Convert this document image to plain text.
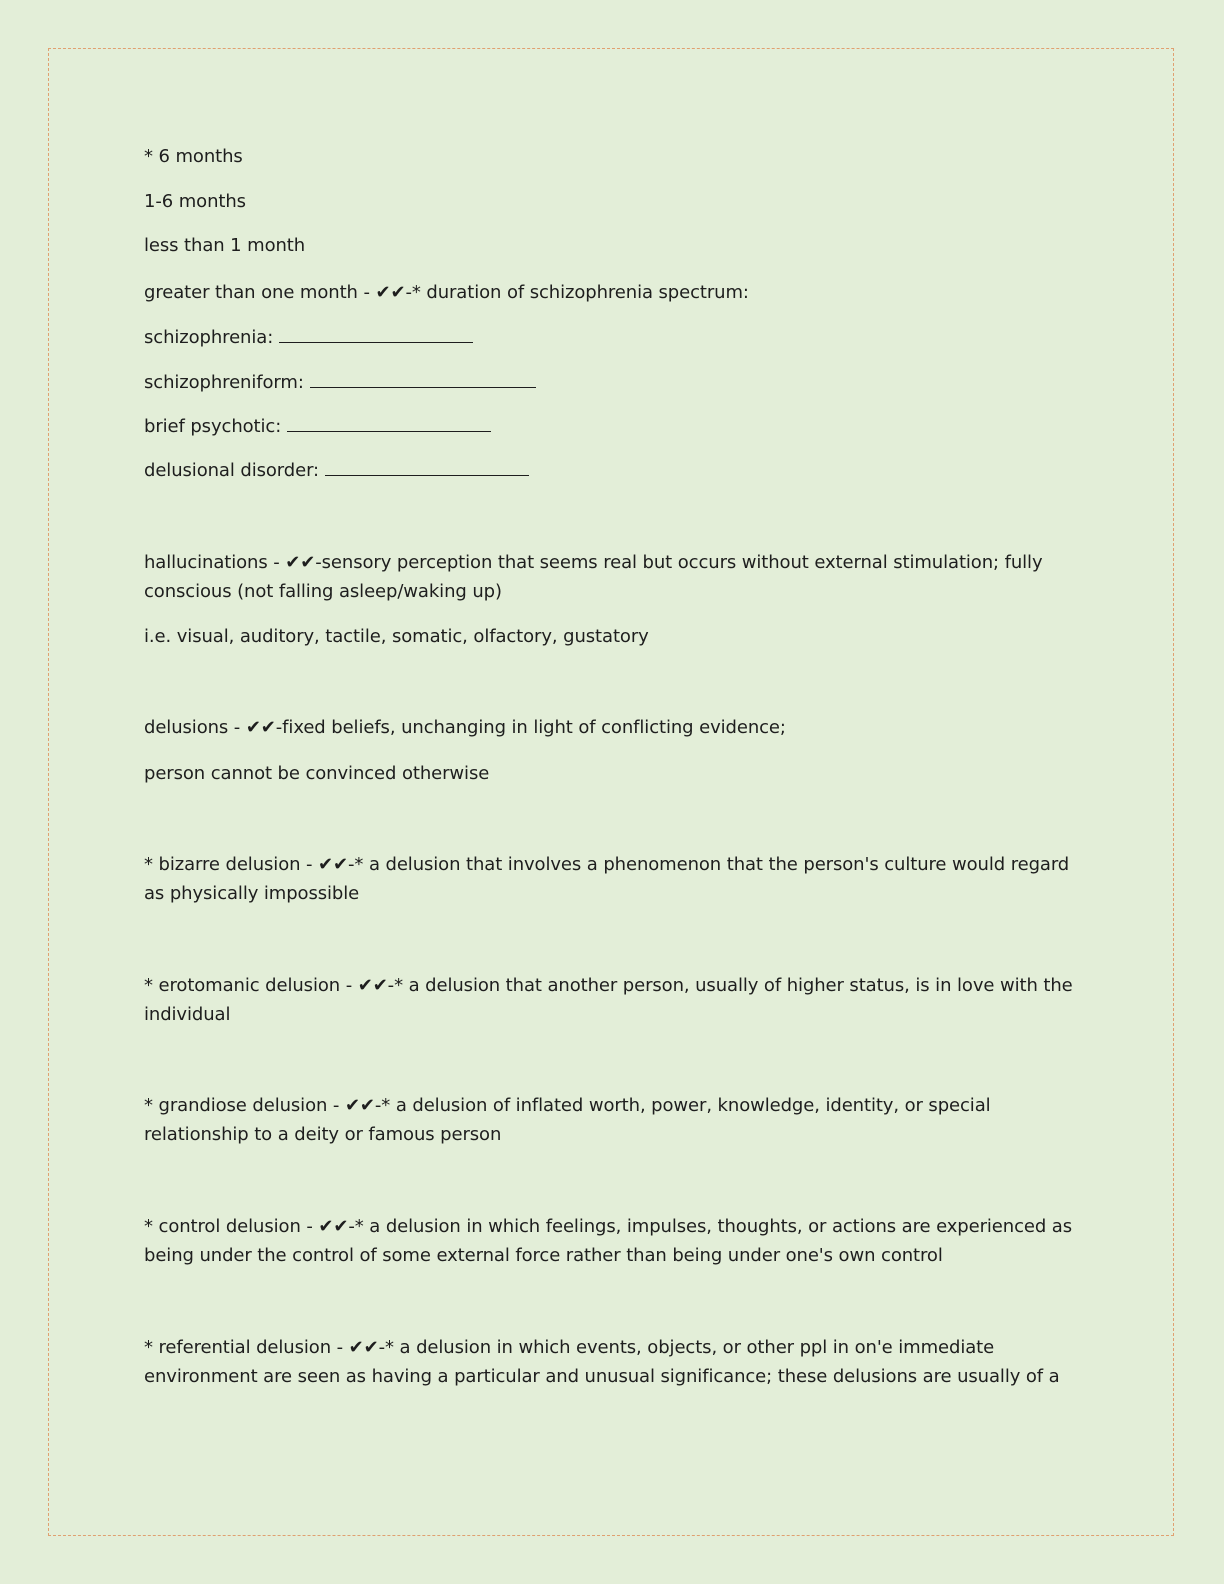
* 6 months
1-6 months
less than 1 month
greater than one month - ✔✔-* duration of schizophrenia spectrum:
schizophrenia:
schizophreniform:
brief psychotic:
delusional disorder:
hallucinations - ✔✔-sensory perception that seems real but occurs without external stimulation; fully conscious (not falling asleep/waking up)
i.e. visual, auditory, tactile, somatic, olfactory, gustatory
delusions - ✔✔-fixed beliefs, unchanging in light of conflicting evidence;
person cannot be convinced otherwise
* bizarre delusion - ✔✔-* a delusion that involves a phenomenon that the person's culture would regard as physically impossible
* erotomanic delusion - ✔✔-* a delusion that another person, usually of higher status, is in love with the individual
* grandiose delusion - ✔✔-* a delusion of inflated worth, power, knowledge, identity, or special relationship to a deity or famous person
* control delusion - ✔✔-* a delusion in which feelings, impulses, thoughts, or actions are experienced as being under the control of some external force rather than being under one's own control
* referential delusion - ✔✔-* a delusion in which events, objects, or other ppl in on'e immediate environment are seen as having a particular and unusual significance; these delusions are usually of a
